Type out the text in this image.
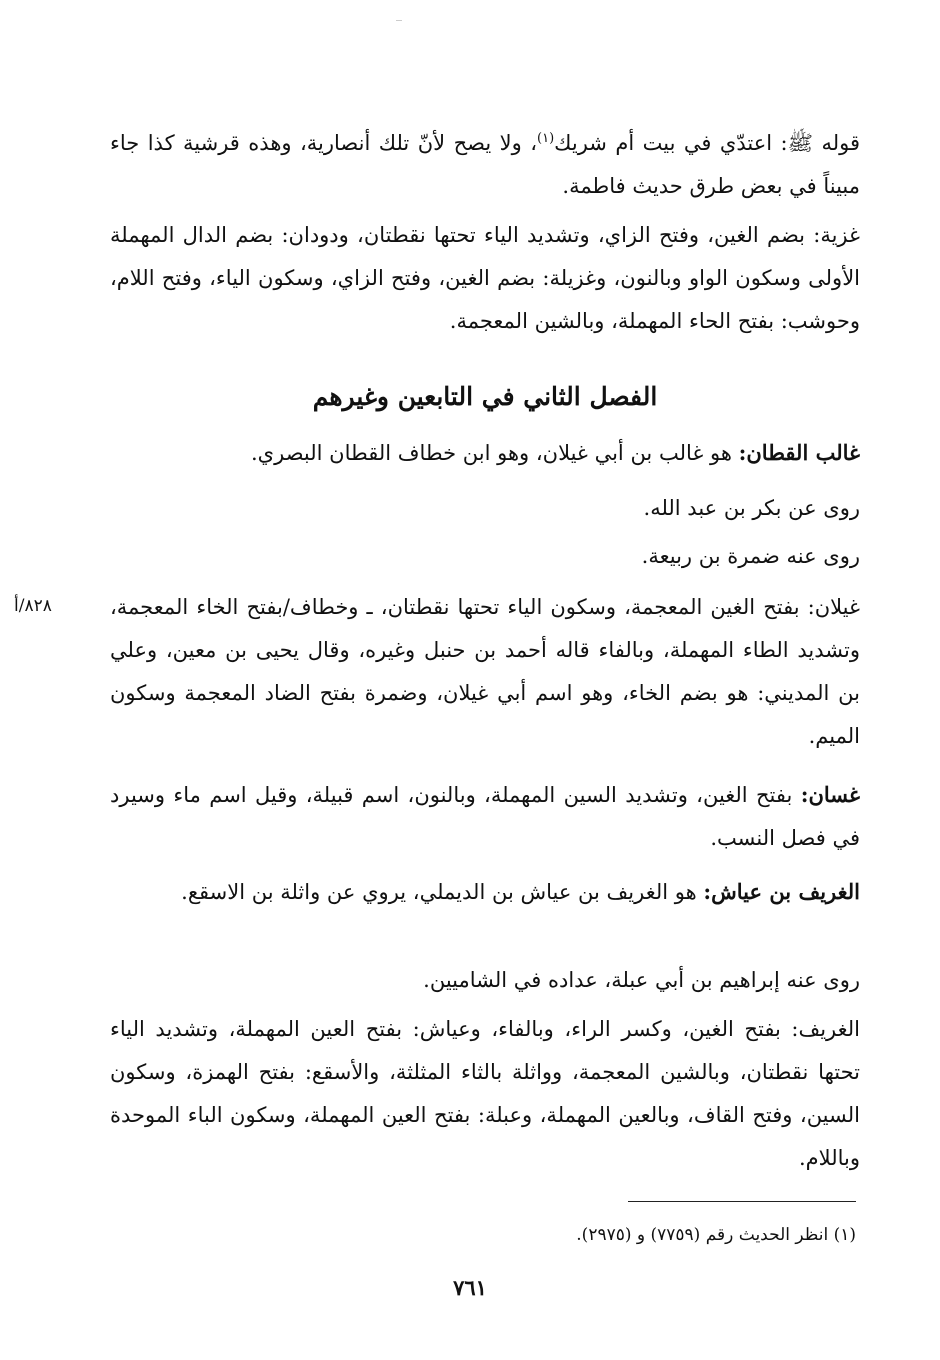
قوله ﷺ: اعتدّي في بيت أم شريك$^{(١)}$، ولا يصح لأنّ تلك أنصارية، وهذه قرشية كذا جاء مبيناً في بعض طرق حديث فاطمة.

غزية: بضم الغين، وفتح الزاي، وتشديد الياء تحتها نقطتان، ودودان: بضم الدال المهملة الأولى وسكون الواو وبالنون، وغزيلة: بضم الغين، وفتح الزاي، وسكون الياء، وفتح اللام، وحوشب: بفتح الحاء المهملة، وبالشين المعجمة.

الفصل الثاني في التابعين وغيرهم

غالب القطان: هو غالب بن أبي غيلان، وهو ابن خطاف القطان البصري.

روى عن بكر بن عبد الله.

روى عنه ضمرة بن ربيعة.

٨٢٨/أ	غيلان: بفتح الغين المعجمة، وسكون الياء تحتها نقطتان، ـ وخطاف/بفتح الخاء المعجمة، وتشديد الطاء المهملة، وبالفاء قاله أحمد بن حنبل وغيره، وقال يحيى بن معين، وعلي بن المديني: هو بضم الخاء، وهو اسم أبي غيلان، وضمرة بفتح الضاد المعجمة وسكون الميم.

غسان: بفتح الغين، وتشديد السين المهملة، وبالنون، اسم قبيلة، وقيل اسم ماء وسيرد في فصل النسب.

الغريف بن عياش: هو الغريف بن عياش بن الديملي، يروي عن واثلة بن الاسقع.

روى عنه إبراهيم بن أبي عبلة، عداده في الشاميين.

الغريف: بفتح الغين، وكسر الراء، وبالفاء، وعياش: بفتح العين المهملة، وتشديد الياء تحتها نقطتان، وبالشين المعجمة، وواثلة بالثاء المثلثة، والأسقع: بفتح الهمزة، وسكون السين، وفتح القاف، وبالعين المهملة، وعبلة: بفتح العين المهملة، وسكون الباء الموحدة وباللام.

(١) انظر الحديث رقم (٧٧٥٩) و (٢٩٧٥).

٧٦١
